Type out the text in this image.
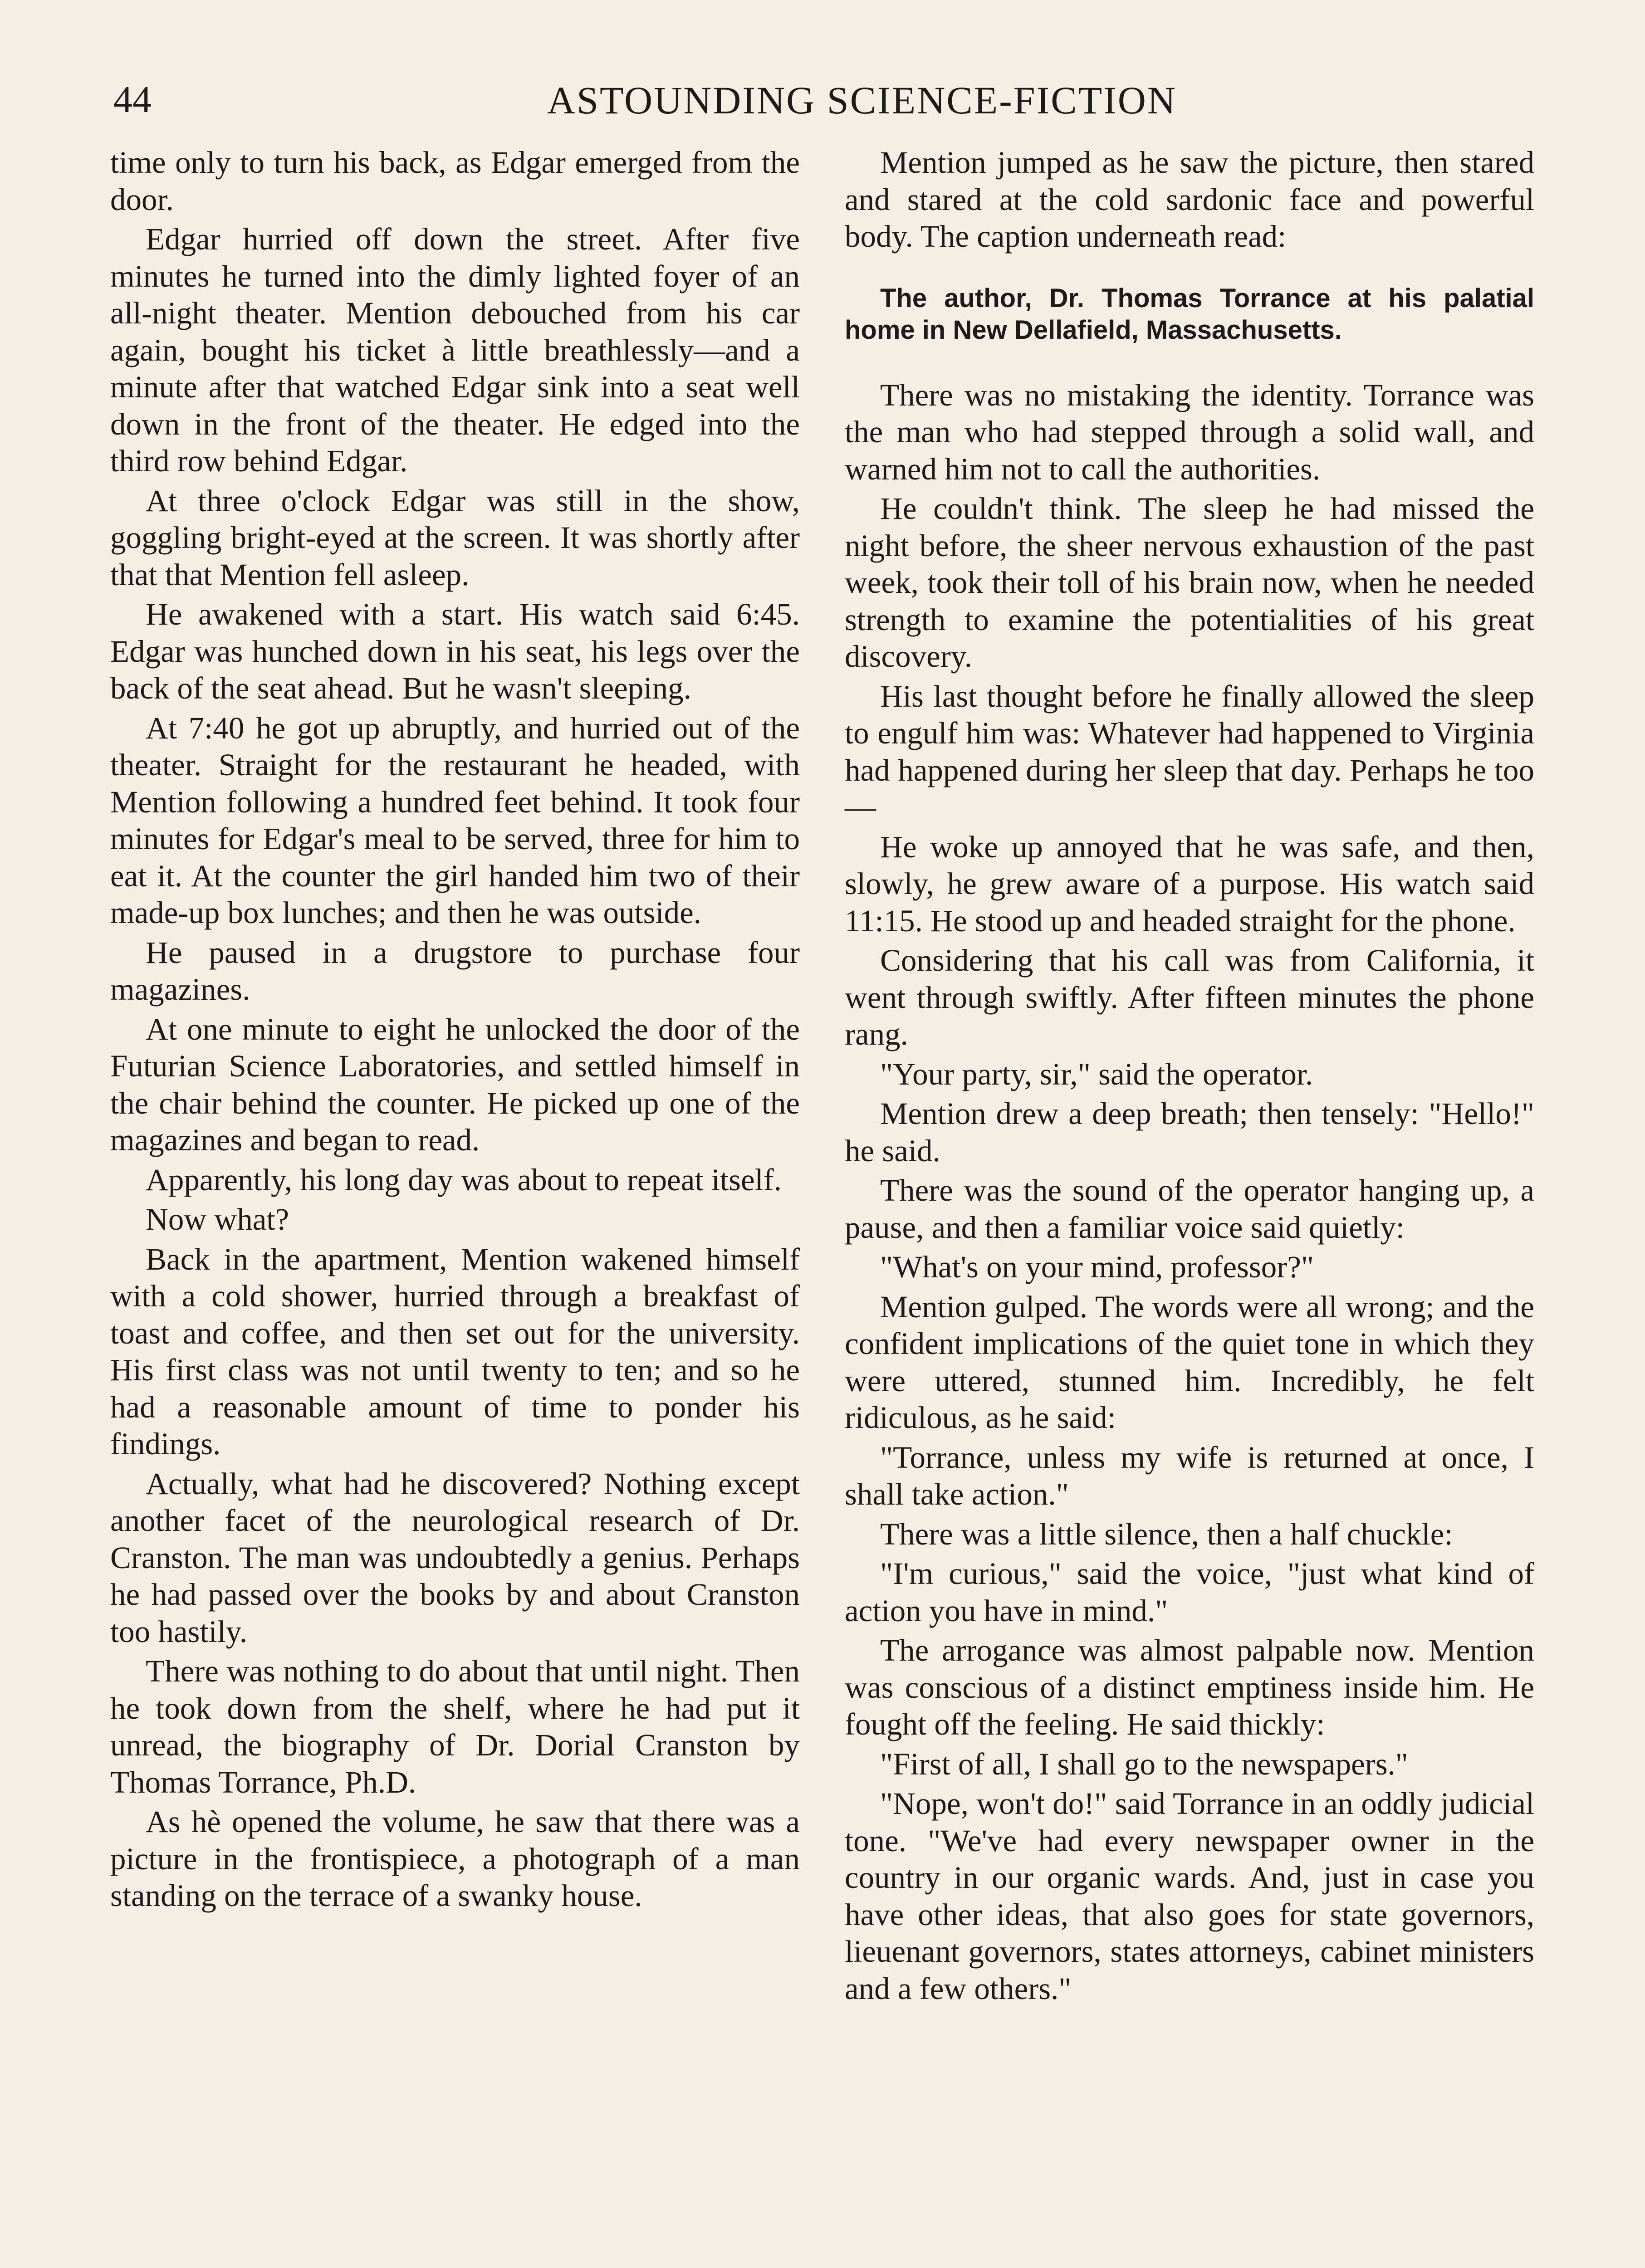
44	ASTOUNDING SCIENCE-FICTION

time only to turn his back, as Edgar emerged from the door.

Edgar hurried off down the street. After five minutes he turned into the dimly lighted foyer of an all-night theater. Mention debouched from his car again, bought his ticket à little breathlessly—and a minute after that watched Edgar sink into a seat well down in the front of the theater. He edged into the third row behind Edgar.

At three o'clock Edgar was still in the show, goggling bright-eyed at the screen. It was shortly after that that Mention fell asleep.

He awakened with a start. His watch said 6:45. Edgar was hunched down in his seat, his legs over the back of the seat ahead. But he wasn't sleeping.

At 7:40 he got up abruptly, and hurried out of the theater. Straight for the restaurant he headed, with Mention following a hundred feet behind. It took four minutes for Edgar's meal to be served, three for him to eat it. At the counter the girl handed him two of their made-up box lunches; and then he was outside.

He paused in a drugstore to purchase four magazines.

At one minute to eight he unlocked the door of the Futurian Science Laboratories, and settled himself in the chair behind the counter. He picked up one of the magazines and began to read.

Apparently, his long day was about to repeat itself.

Now what?

Back in the apartment, Mention wakened himself with a cold shower, hurried through a breakfast of toast and coffee, and then set out for the university. His first class was not until twenty to ten; and so he had a reasonable amount of time to ponder his findings.

Actually, what had he discovered? Nothing except another facet of the neurological research of Dr. Cranston. The man was undoubtedly a genius. Perhaps he had passed over the books by and about Cranston too hastily.

There was nothing to do about that until night. Then he took down from the shelf, where he had put it unread, the biography of Dr. Dorial Cranston by Thomas Torrance, Ph.D.

As hè opened the volume, he saw that there was a picture in the frontispiece, a photograph of a man standing on the terrace of a swanky house.

Mention jumped as he saw the picture, then stared and stared at the cold sardonic face and powerful body. The caption underneath read:

The author, Dr. Thomas Torrance at his palatial home in New Dellafield, Massachusetts.

There was no mistaking the identity. Torrance was the man who had stepped through a solid wall, and warned him not to call the authorities.

He couldn't think. The sleep he had missed the night before, the sheer nervous exhaustion of the past week, took their toll of his brain now, when he needed strength to examine the potentialities of his great discovery.

His last thought before he finally allowed the sleep to engulf him was: Whatever had happened to Virginia had happened during her sleep that day. Perhaps he too—

He woke up annoyed that he was safe, and then, slowly, he grew aware of a purpose. His watch said 11:15. He stood up and headed straight for the phone.

Considering that his call was from California, it went through swiftly. After fifteen minutes the phone rang.

"Your party, sir," said the operator.

Mention drew a deep breath; then tensely: "Hello!" he said.

There was the sound of the operator hanging up, a pause, and then a familiar voice said quietly:

"What's on your mind, professor?"

Mention gulped. The words were all wrong; and the confident implications of the quiet tone in which they were uttered, stunned him. Incredibly, he felt ridiculous, as he said:

"Torrance, unless my wife is returned at once, I shall take action."

There was a little silence, then a half chuckle:

"I'm curious," said the voice, "just what kind of action you have in mind."

The arrogance was almost palpable now. Mention was conscious of a distinct emptiness inside him. He fought off the feeling. He said thickly:

"First of all, I shall go to the newspapers."

"Nope, won't do!" said Torrance in an oddly judicial tone. "We've had every newspaper owner in the country in our organic wards. And, just in case you have other ideas, that also goes for state governors, lieuenant governors, states attorneys, cabinet ministers and a few others."
